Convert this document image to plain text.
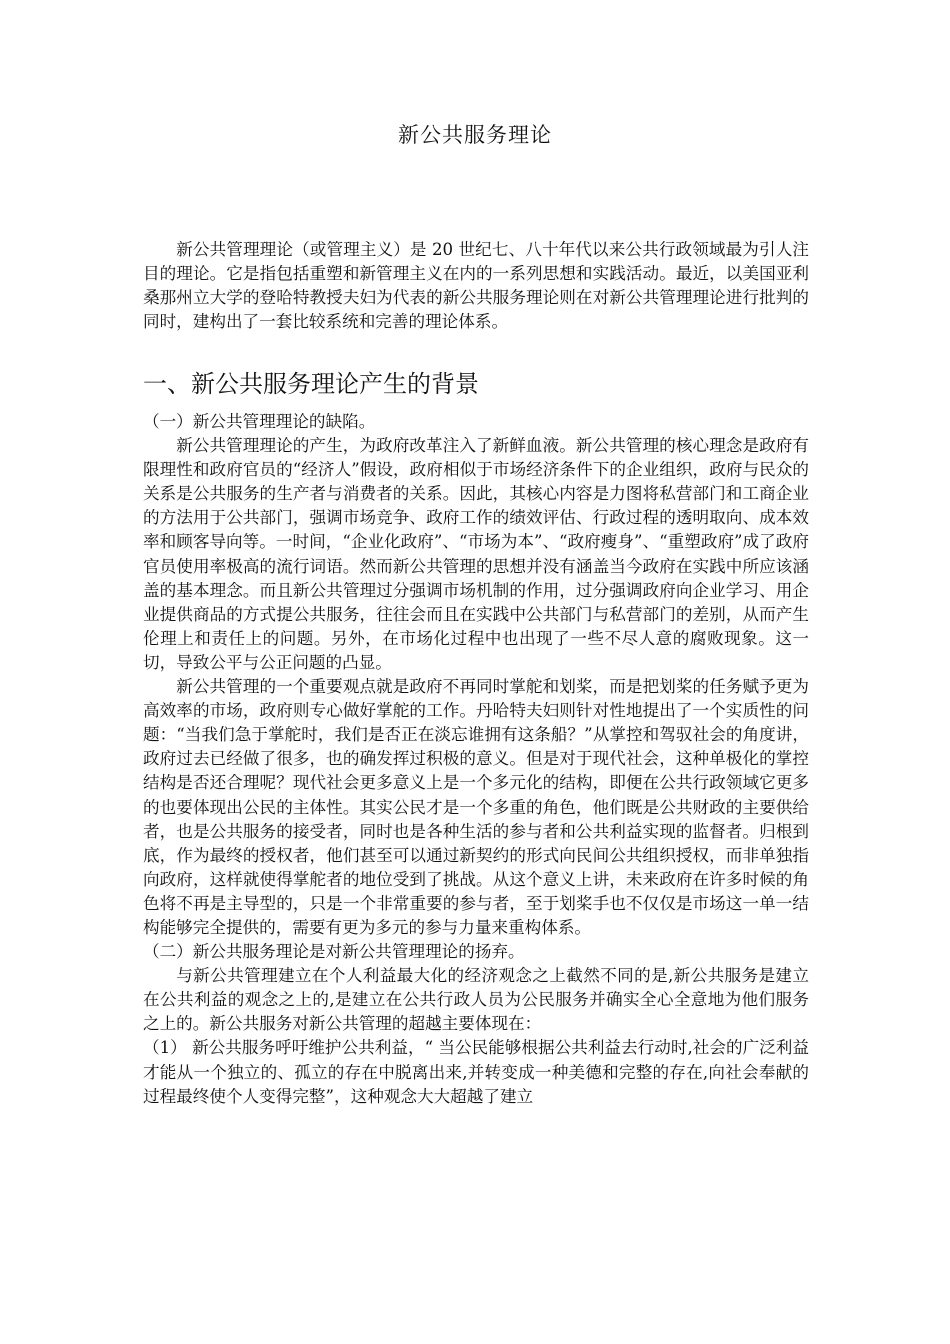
新公共服务理论

新公共管理理论（或管理主义）是 20 世纪七、八十年代以来公共行政领域最为引人注目的理论。它是指包括重塑和新管理主义在内的一系列思想和实践活动。最近，以美国亚利桑那州立大学的登哈特教授夫妇为代表的新公共服务理论则在对新公共管理理论进行批判的同时，建构出了一套比较系统和完善的理论体系。

一、新公共服务理论产生的背景

（一）新公共管理理论的缺陷。

新公共管理理论的产生，为政府改革注入了新鲜血液。新公共管理的核心理念是政府有限理性和政府官员的“经济人”假设，政府相似于市场经济条件下的企业组织，政府与民众的关系是公共服务的生产者与消费者的关系。因此，其核心内容是力图将私营部门和工商企业的方法用于公共部门，强调市场竞争、政府工作的绩效评估、行政过程的透明取向、成本效率和顾客导向等。一时间，“企业化政府”、“市场为本”、“政府瘦身”、“重塑政府”成了政府官员使用率极高的流行词语。然而新公共管理的思想并没有涵盖当今政府在实践中所应该涵盖的基本理念。而且新公共管理过分强调市场机制的作用，过分强调政府向企业学习、用企业提供商品的方式提公共服务，往往会而且在实践中公共部门与私营部门的差别，从而产生伦理上和责任上的问题。另外，在市场化过程中也出现了一些不尽人意的腐败现象。这一切，导致公平与公正问题的凸显。

新公共管理的一个重要观点就是政府不再同时掌舵和划桨，而是把划桨的任务赋予更为高效率的市场，政府则专心做好掌舵的工作。丹哈特夫妇则针对性地提出了一个实质性的问题：“当我们急于掌舵时，我们是否正在淡忘谁拥有这条船？”从掌控和驾驭社会的角度讲，政府过去已经做了很多，也的确发挥过积极的意义。但是对于现代社会，这种单极化的掌控结构是否还合理呢？现代社会更多意义上是一个多元化的结构，即便在公共行政领域它更多的也要体现出公民的主体性。其实公民才是一个多重的角色，他们既是公共财政的主要供给者，也是公共服务的接受者，同时也是各种生活的参与者和公共利益实现的监督者。归根到底，作为最终的授权者，他们甚至可以通过新契约的形式向民间公共组织授权，而非单独指向政府，这样就使得掌舵者的地位受到了挑战。从这个意义上讲，未来政府在许多时候的角色将不再是主导型的，只是一个非常重要的参与者，至于划桨手也不仅仅是市场这一单一结构能够完全提供的，需要有更为多元的参与力量来重构体系。

（二）新公共服务理论是对新公共管理理论的扬弃。

与新公共管理建立在个人利益最大化的经济观念之上截然不同的是,新公共服务是建立在公共利益的观念之上的,是建立在公共行政人员为公民服务并确实全心全意地为他们服务之上的。新公共服务对新公共管理的超越主要体现在：

（1） 新公共服务呼吁维护公共利益，“ 当公民能够根据公共利益去行动时,社会的广泛利益才能从一个独立的、孤立的存在中脱离出来,并转变成一种美德和完整的存在,向社会奉献的过程最终使个人变得完整”，这种观念大大超越了建立
